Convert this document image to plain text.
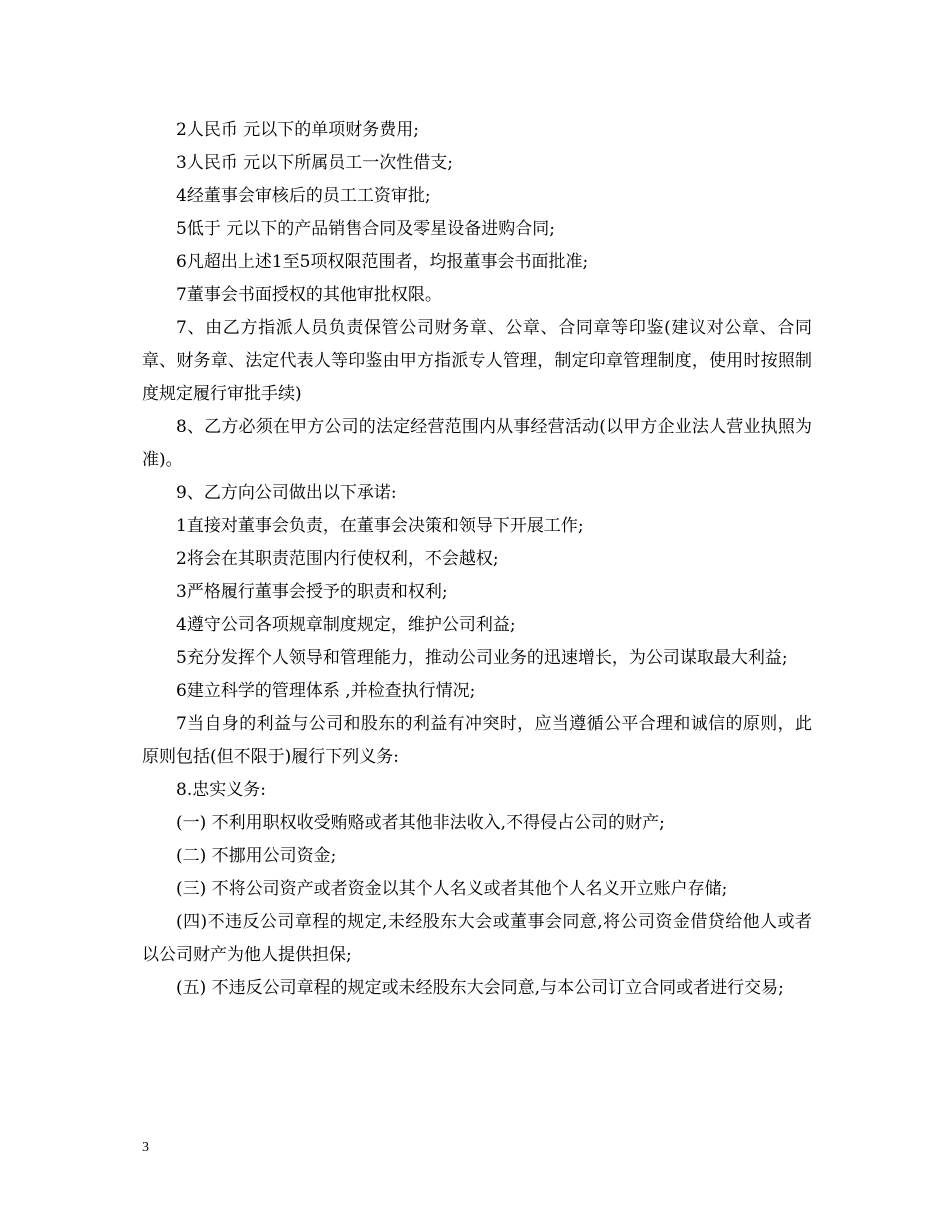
2人民币 元以下的单项财务费用;

3人民币 元以下所属员工一次性借支;

4经董事会审核后的员工工资审批;

5低于 元以下的产品销售合同及零星设备进购合同;

6凡超出上述1至5项权限范围者，均报董事会书面批准;

7董事会书面授权的其他审批权限。

7、由乙方指派人员负责保管公司财务章、公章、合同章等印鉴(建议对公章、合同章、财务章、法定代表人等印鉴由甲方指派专人管理，制定印章管理制度，使用时按照制度规定履行审批手续)

8、乙方必须在甲方公司的法定经营范围内从事经营活动(以甲方企业法人营业执照为准)。

9、乙方向公司做出以下承诺:

1直接对董事会负责，在董事会决策和领导下开展工作;

2将会在其职责范围内行使权利，不会越权;

3严格履行董事会授予的职责和权利;

4遵守公司各项规章制度规定，维护公司利益;

5充分发挥个人领导和管理能力，推动公司业务的迅速增长，为公司谋取最大利益;

6建立科学的管理体系 ,并检查执行情况;

7当自身的利益与公司和股东的利益有冲突时，应当遵循公平合理和诚信的原则，此原则包括(但不限于)履行下列义务:

8.忠实义务:

(一) 不利用职权收受贿赂或者其他非法收入,不得侵占公司的财产;

(二) 不挪用公司资金;

(三) 不将公司资产或者资金以其个人名义或者其他个人名义开立账户存储;

(四)不违反公司章程的规定,未经股东大会或董事会同意,将公司资金借贷给他人或者以公司财产为他人提供担保;

(五) 不违反公司章程的规定或未经股东大会同意,与本公司订立合同或者进行交易;

3
